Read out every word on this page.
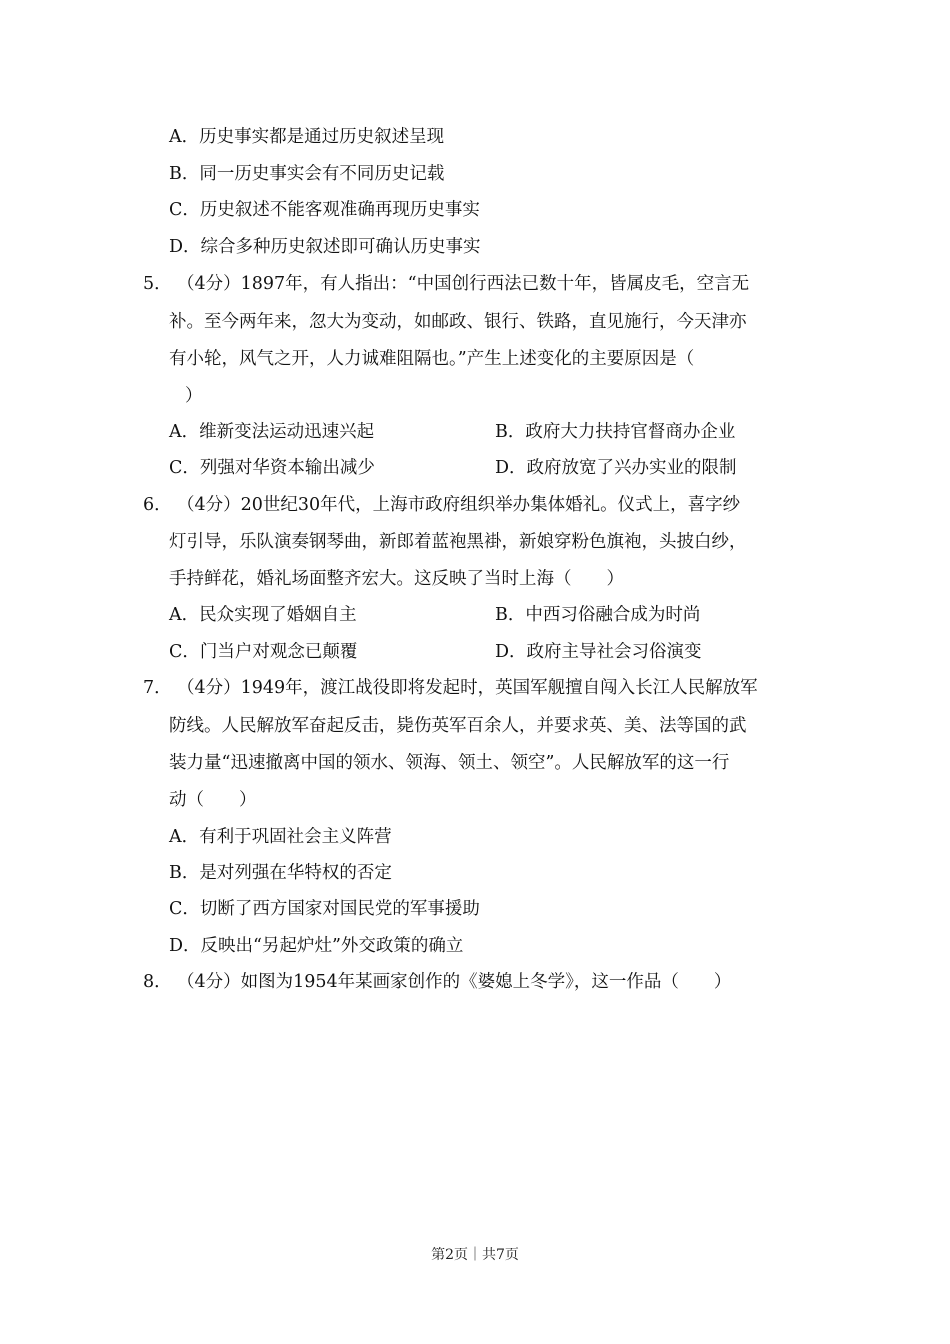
A．历史事实都是通过历史叙述呈现
B．同一历史事实会有不同历史记载
C．历史叙述不能客观准确再现历史事实
D．综合多种历史叙述即可确认历史事实
5． （4分）1897年，有人指出：“中国创行西法已数十年，皆属皮毛，空言无
补。至今两年来，忽大为变动，如邮政、银行、铁路，直见施行，今天津亦
有小轮，风气之开，人力诚难阻隔也。”产生上述变化的主要原因是（
）
A．维新变法运动迅速兴起	B．政府大力扶持官督商办企业
C．列强对华资本输出减少	D．政府放宽了兴办实业的限制
6． （4分）20世纪30年代，上海市政府组织举办集体婚礼。仪式上，喜字纱
灯引导，乐队演奏钢琴曲，新郎着蓝袍黑褂，新娘穿粉色旗袍，头披白纱，
手持鲜花，婚礼场面整齐宏大。这反映了当时上海（　　）
A．民众实现了婚姻自主	B．中西习俗融合成为时尚
C．门当户对观念已颠覆	D．政府主导社会习俗演变
7． （4分）1949年，渡江战役即将发起时，英国军舰擅自闯入长江人民解放军
防线。人民解放军奋起反击，毙伤英军百余人，并要求英、美、法等国的武
装力量“迅速撤离中国的领水、领海、领土、领空”。人民解放军的这一行
动（　　）
A．有利于巩固社会主义阵营
B．是对列强在华特权的否定
C．切断了西方国家对国民党的军事援助
D．反映出“另起炉灶”外交政策的确立
8． （4分）如图为1954年某画家创作的《婆媳上冬学》，这一作品（　　）
第2页｜共7页
